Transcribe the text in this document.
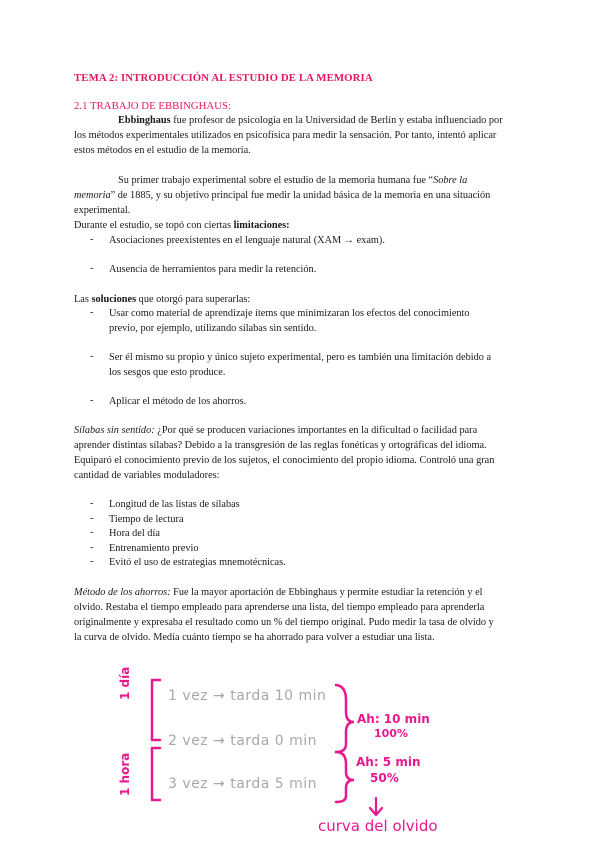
TEMA 2: INTRODUCCIÓN AL ESTUDIO DE LA MEMORIA
2.1 TRABAJO DE EBBINGHAUS:
Ebbinghaus fue profesor de psicología en la Universidad de Berlín y estaba influenciado por
los métodos experimentales utilizados en psicofísica para medir la sensación. Por tanto, intentó aplicar
estos métodos en el estudio de la memoria.
Su primer trabajo experimental sobre el estudio de la memoria humana fue “Sobre la
memoria” de 1885, y su objetivo principal fue medir la unidad básica de la memoria en una situación
experimental.
Durante el estudio, se topó con ciertas limitaciones:
- Asociaciones preexistentes en el lenguaje natural (XAM → exam).
- Ausencia de herramientos para medir la retención.
Las soluciones que otorgó para superarlas:
- Usar como material de aprendizaje ítems que minimizaran los efectos del conocimiento
previo, por ejemplo, utilizando sílabas sin sentido.
- Ser él mismo su propio y único sujeto experimental, pero es también una limitación debido a
los sesgos que esto produce.
- Aplicar el método de los ahorros.
Sílabas sin sentido: ¿Por qué se producen variaciones importantes en la dificultad o facilidad para
aprender distintas sílabas? Debido a la transgresión de las reglas fonéticas y ortográficas del idioma.
Equiparó el conocimiento previo de los sujetos, el conocimiento del propio idioma. Controló una gran
cantidad de variables moduladores:
- Longitud de las listas de sílabas
- Tiempo de lectura
- Hora del día
- Entrenamiento previo
- Evitó el uso de estrategias mnemotécnicas.
Método de los ahorros: Fue la mayor aportación de Ebbinghaus y permite estudiar la retención y el
olvido. Restaba el tiempo empleado para aprenderse una lista, del tiempo empleado para aprenderla
originalmente y expresaba el resultado como un % del tiempo original. Pudo medir la tasa de olvido y
la curva de olvido. Medía cuánto tiempo se ha ahorrado para volver a estudiar una lista.
1 día
1 hora
1 vez → tarda 10 min
2 vez → tarda 0 min
3 vez → tarda 5 min
Ah: 10 min
100%
Ah: 5 min
50%
curva del olvido
